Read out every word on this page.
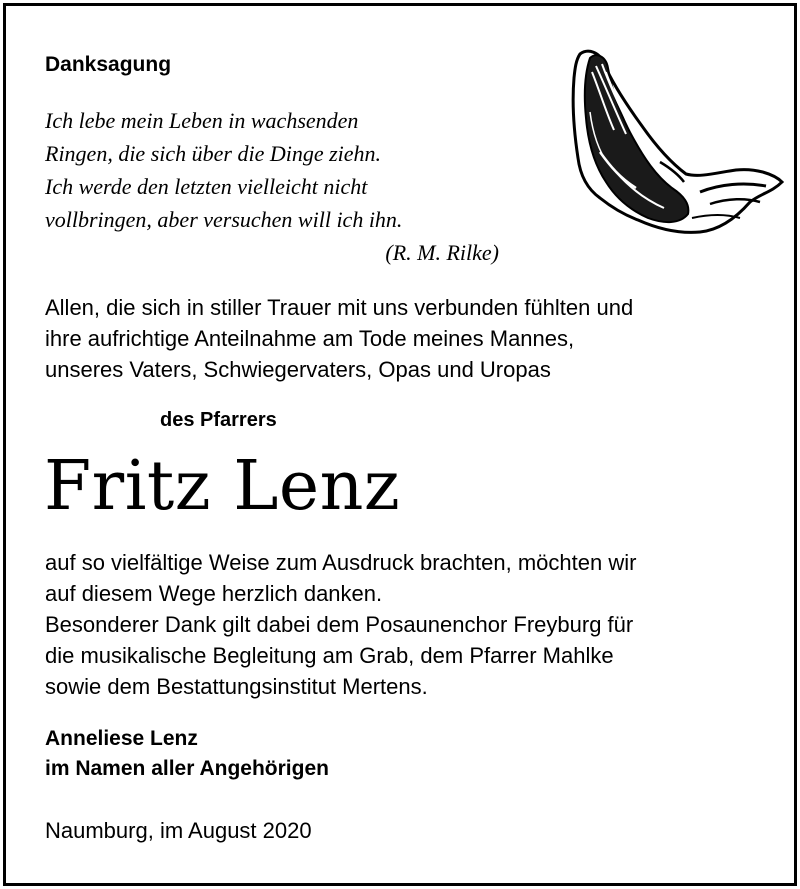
Danksagung
Ich lebe mein Leben in wachsenden
Ringen, die sich über die Dinge ziehn.
Ich werde den letzten vielleicht nicht
vollbringen, aber versuchen will ich ihn.
(R. M. Rilke)
Allen, die sich in stiller Trauer mit uns verbunden fühlten und
ihre aufrichtige Anteilnahme am Tode meines Mannes,
unseres Vaters, Schwiegervaters, Opas und Uropas
des Pfarrers
Fritz Lenz
auf so vielfältige Weise zum Ausdruck brachten, möchten wir
auf diesem Wege herzlich danken.
Besonderer Dank gilt dabei dem Posaunenchor Freyburg für
die musikalische Begleitung am Grab, dem Pfarrer Mahlke
sowie dem Bestattungsinstitut Mertens.
Anneliese Lenz
im Namen aller Angehörigen
Naumburg, im August 2020
